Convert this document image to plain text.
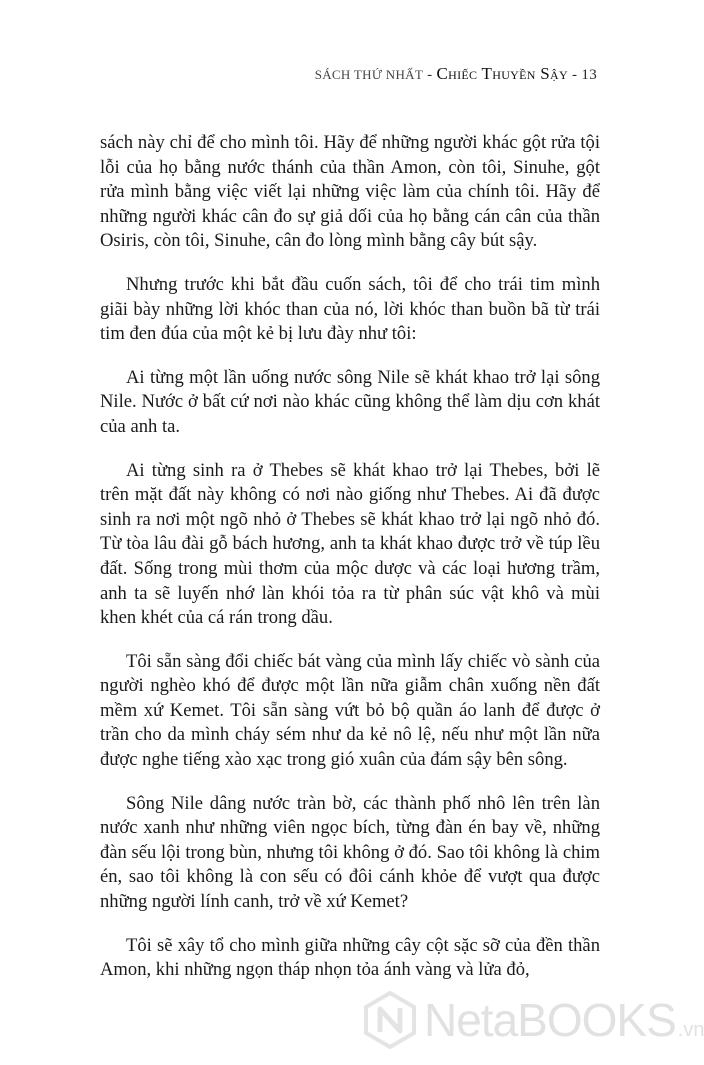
SÁCH THỨ NHẤT - Chiếc Thuyền Sậy - 13

sách này chỉ để cho mình tôi. Hãy để những người khác gột rửa tội lỗi của họ bằng nước thánh của thần Amon, còn tôi, Sinuhe, gột rửa mình bằng việc viết lại những việc làm của chính tôi. Hãy để những người khác cân đo sự giả dối của họ bằng cán cân của thần Osiris, còn tôi, Sinuhe, cân đo lòng mình bằng cây bút sậy.

Nhưng trước khi bắt đầu cuốn sách, tôi để cho trái tim mình giãi bày những lời khóc than của nó, lời khóc than buồn bã từ trái tim đen đúa của một kẻ bị lưu đày như tôi:

Ai từng một lần uống nước sông Nile sẽ khát khao trở lại sông Nile. Nước ở bất cứ nơi nào khác cũng không thể làm dịu cơn khát của anh ta.

Ai từng sinh ra ở Thebes sẽ khát khao trở lại Thebes, bởi lẽ trên mặt đất này không có nơi nào giống như Thebes. Ai đã được sinh ra nơi một ngõ nhỏ ở Thebes sẽ khát khao trở lại ngõ nhỏ đó. Từ tòa lâu đài gỗ bách hương, anh ta khát khao được trở về túp lều đất. Sống trong mùi thơm của mộc dược và các loại hương trầm, anh ta sẽ luyến nhớ làn khói tỏa ra từ phân súc vật khô và mùi khen khét của cá rán trong dầu.

Tôi sẵn sàng đổi chiếc bát vàng của mình lấy chiếc vò sành của người nghèo khó để được một lần nữa giẫm chân xuống nền đất mềm xứ Kemet. Tôi sẵn sàng vứt bỏ bộ quần áo lanh để được ở trần cho da mình cháy sém như da kẻ nô lệ, nếu như một lần nữa được nghe tiếng xào xạc trong gió xuân của đám sậy bên sông.

Sông Nile dâng nước tràn bờ, các thành phố nhô lên trên làn nước xanh như những viên ngọc bích, từng đàn én bay về, những đàn sếu lội trong bùn, nhưng tôi không ở đó. Sao tôi không là chim én, sao tôi không là con sếu có đôi cánh khỏe để vượt qua được những người lính canh, trở về xứ Kemet?

Tôi sẽ xây tổ cho mình giữa những cây cột sặc sỡ của đền thần Amon, khi những ngọn tháp nhọn tỏa ánh vàng và lửa đỏ,

NetaBOOKS .vn
